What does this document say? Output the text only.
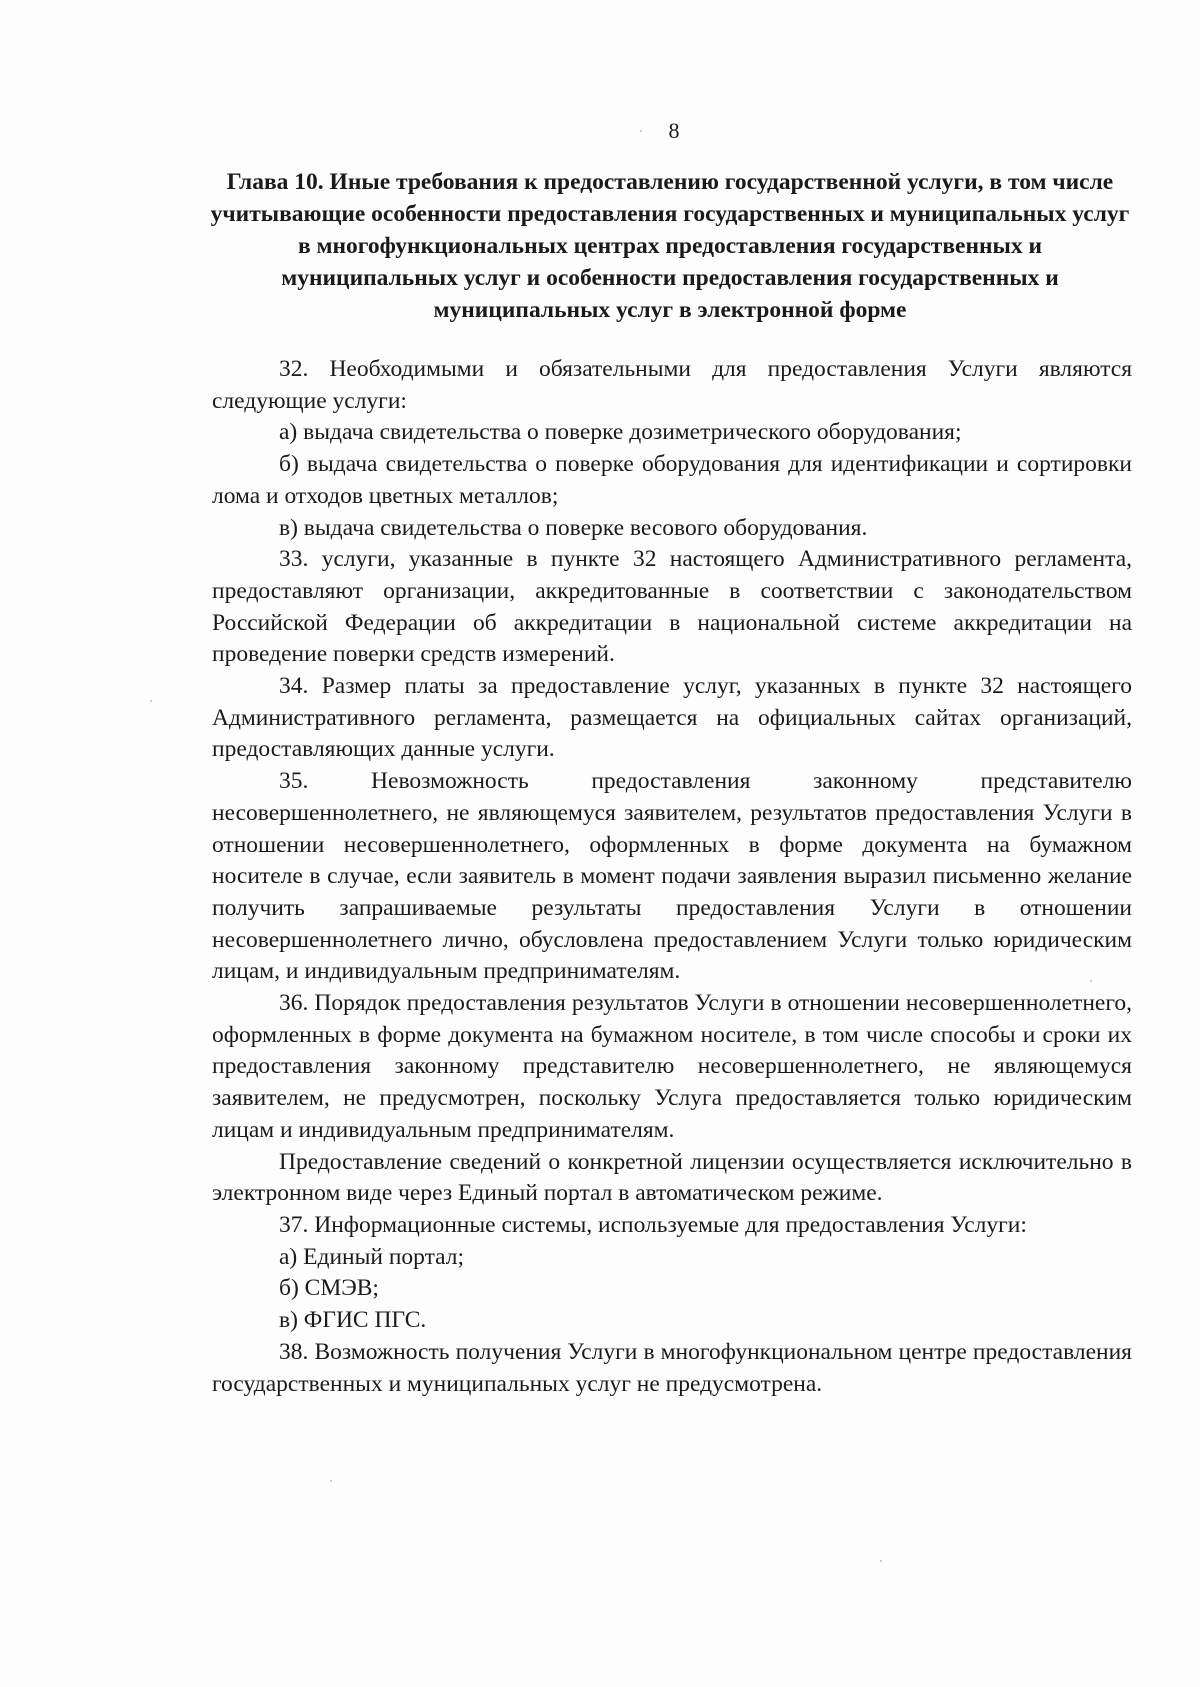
8
Глава 10. Иные требования к предоставлению государственной услуги, в том числе учитывающие особенности предоставления государственных и муниципальных услуг в многофункциональных центрах предоставления государственных и муниципальных услуг и особенности предоставления государственных и муниципальных услуг в электронной форме

32. Необходимыми и обязательными для предоставления Услуги являются следующие услуги:

а) выдача свидетельства о поверке дозиметрического оборудования;

б) выдача свидетельства о поверке оборудования для идентификации и сортировки лома и отходов цветных металлов;

в) выдача свидетельства о поверке весового оборудования.

33. услуги, указанные в пункте 32 настоящего Административного регламента, предоставляют организации, аккредитованные в соответствии с законодательством Российской Федерации об аккредитации в национальной системе аккредитации на проведение поверки средств измерений.

34. Размер платы за предоставление услуг, указанных в пункте 32 настоящего Административного регламента, размещается на официальных сайтах организаций, предоставляющих данные услуги.

35. Невозможность предоставления законному представителю несовершеннолетнего, не являющемуся заявителем, результатов предоставления Услуги в отношении несовершеннолетнего, оформленных в форме документа на бумажном носителе в случае, если заявитель в момент подачи заявления выразил письменно желание получить запрашиваемые результаты предоставления Услуги в отношении несовершеннолетнего лично, обусловлена предоставлением Услуги только юридическим лицам, и индивидуальным предпринимателям.

36. Порядок предоставления результатов Услуги в отношении несовершеннолетнего, оформленных в форме документа на бумажном носителе, в том числе способы и сроки их предоставления законному представителю несовершеннолетнего, не являющемуся заявителем, не предусмотрен, поскольку Услуга предоставляется только юридическим лицам и индивидуальным предпринимателям.

Предоставление сведений о конкретной лицензии осуществляется исключительно в электронном виде через Единый портал в автоматическом режиме.

37. Информационные системы, используемые для предоставления Услуги:

а) Единый портал;

б) СМЭВ;

в) ФГИС ПГС.

38. Возможность получения Услуги в многофункциональном центре предоставления государственных и муниципальных услуг не предусмотрена.
